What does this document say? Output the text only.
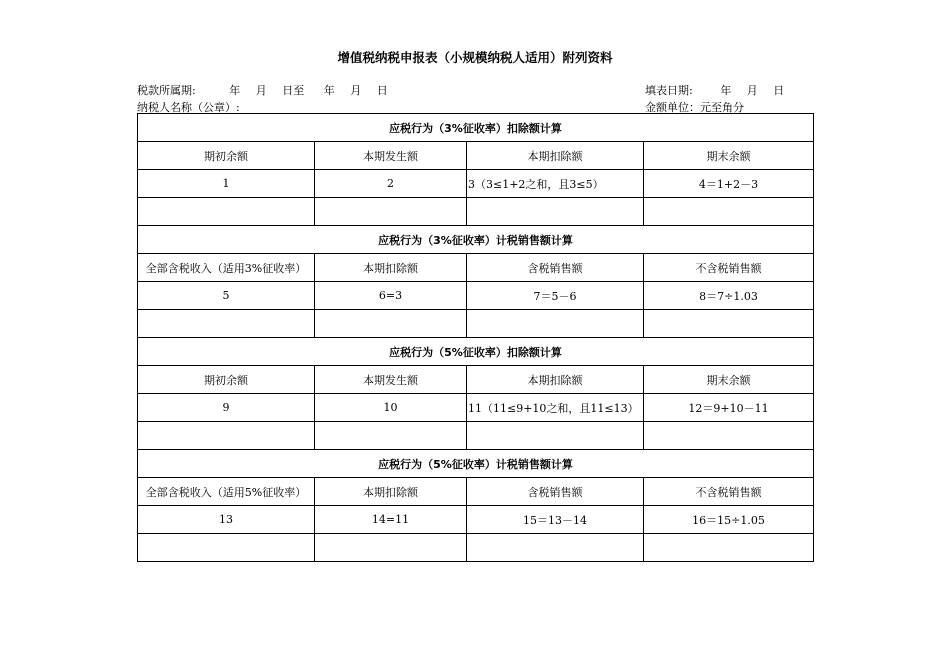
增值税纳税申报表（小规模纳税人适用）附列资料
税款所属期:	年 月 日至 年 月 日	填表日期:	年 月 日
纳税人名称（公章）:	金额单位：元至角分
应税行为（3%征收率）扣除额计算			
期初余额	本期发生额	本期扣除额	期末余额
1	2	3（3≤1+2之和，且3≤5）	4＝1+2－3

应税行为（3%征收率）计税销售额计算			
全部含税收入（适用3%征收率）	本期扣除额	含税销售额	不含税销售额
5	6=3	7＝5－6	8＝7÷1.03

应税行为（5%征收率）扣除额计算			
期初余额	本期发生额	本期扣除额	期末余额
9	10	11（11≤9+10之和，且11≤13）	12＝9+10－11

应税行为（5%征收率）计税销售额计算			
全部含税收入（适用5%征收率）	本期扣除额	含税销售额	不含税销售额
13	14=11	15＝13－14	16＝15÷1.05
